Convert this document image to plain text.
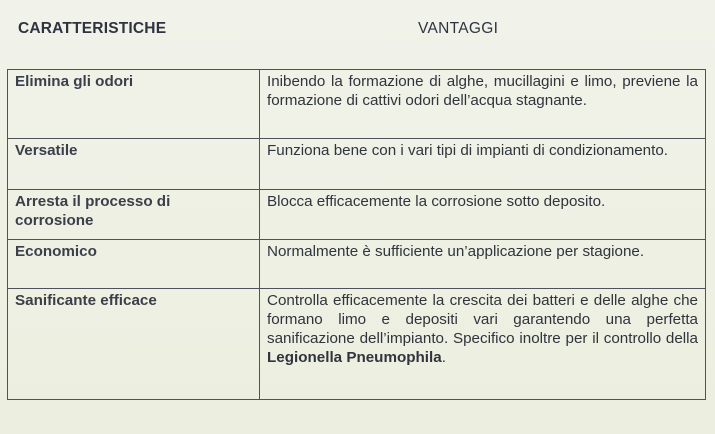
CARATTERISTICHE	VANTAGGI
Elimina gli odori	Inibendo la formazione di alghe, mucillagini e limo, previene la formazione di cattivi odori dell’acqua stagnante.
Versatile	Funziona bene con i vari tipi di impianti di condizionamento.
Arresta il processo di corrosione	Blocca efficacemente la corrosione sotto deposito.
Economico	Normalmente è sufficiente un’applicazione per stagione.
Sanificante efficace	Controlla efficacemente la crescita dei batteri e delle alghe che formano limo e depositi vari garantendo una perfetta sanificazione dell’impianto. Specifico inoltre per il controllo della Legionella Pneumophila.
